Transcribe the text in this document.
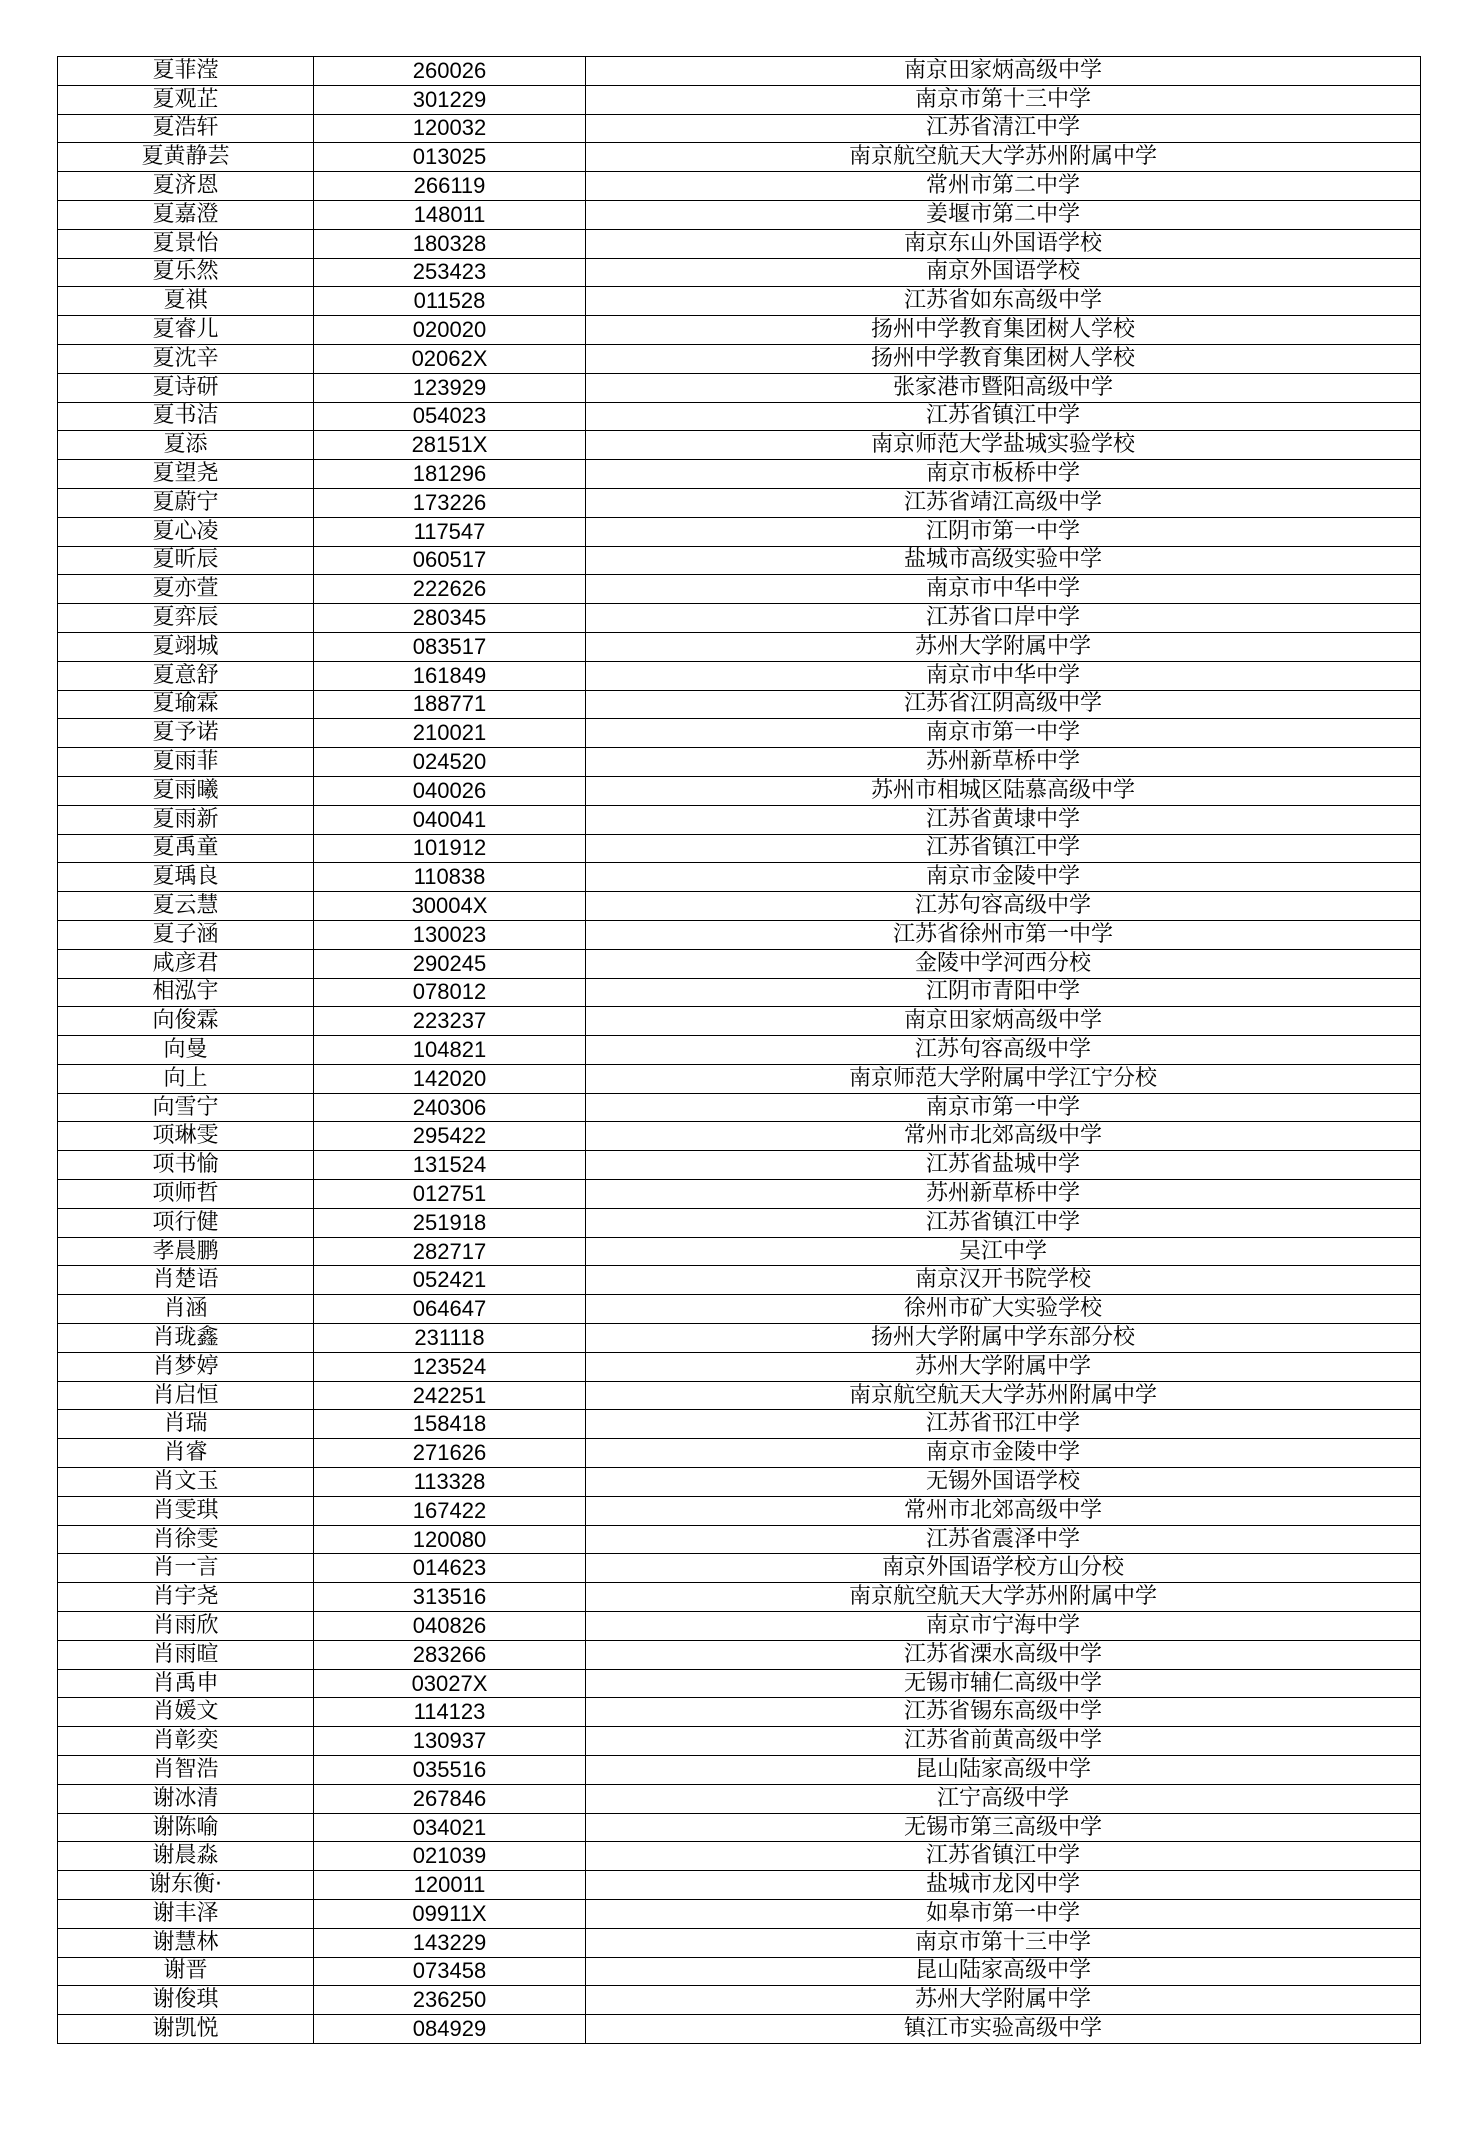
夏菲滢	260026	南京田家炳高级中学
夏观芷	301229	南京市第十三中学
夏浩轩	120032	江苏省清江中学
夏黄静芸	013025	南京航空航天大学苏州附属中学
夏济恩	266119	常州市第二中学
夏嘉澄	148011	姜堰市第二中学
夏景怡	180328	南京东山外国语学校
夏乐然	253423	南京外国语学校
夏祺	011528	江苏省如东高级中学
夏睿儿	020020	扬州中学教育集团树人学校
夏沈辛	02062X	扬州中学教育集团树人学校
夏诗研	123929	张家港市暨阳高级中学
夏书洁	054023	江苏省镇江中学
夏添	28151X	南京师范大学盐城实验学校
夏望尧	181296	南京市板桥中学
夏蔚宁	173226	江苏省靖江高级中学
夏心凌	117547	江阴市第一中学
夏昕辰	060517	盐城市高级实验中学
夏亦萱	222626	南京市中华中学
夏弈辰	280345	江苏省口岸中学
夏翊城	083517	苏州大学附属中学
夏意舒	161849	南京市中华中学
夏瑜霖	188771	江苏省江阴高级中学
夏予诺	210021	南京市第一中学
夏雨菲	024520	苏州新草桥中学
夏雨曦	040026	苏州市相城区陆慕高级中学
夏雨新	040041	江苏省黄埭中学
夏禹童	101912	江苏省镇江中学
夏瑀良	110838	南京市金陵中学
夏云慧	30004X	江苏句容高级中学
夏子涵	130023	江苏省徐州市第一中学
咸彦君	290245	金陵中学河西分校
相泓宇	078012	江阴市青阳中学
向俊霖	223237	南京田家炳高级中学
向曼	104821	江苏句容高级中学
向上	142020	南京师范大学附属中学江宁分校
向雪宁	240306	南京市第一中学
项琳雯	295422	常州市北郊高级中学
项书愉	131524	江苏省盐城中学
项师哲	012751	苏州新草桥中学
项行健	251918	江苏省镇江中学
孝晨鹏	282717	吴江中学
肖楚语	052421	南京汉开书院学校
肖涵	064647	徐州市矿大实验学校
肖珑鑫	231118	扬州大学附属中学东部分校
肖梦婷	123524	苏州大学附属中学
肖启恒	242251	南京航空航天大学苏州附属中学
肖瑞	158418	江苏省邗江中学
肖睿	271626	南京市金陵中学
肖文玉	113328	无锡外国语学校
肖雯琪	167422	常州市北郊高级中学
肖徐雯	120080	江苏省震泽中学
肖一言	014623	南京外国语学校方山分校
肖宇尧	313516	南京航空航天大学苏州附属中学
肖雨欣	040826	南京市宁海中学
肖雨暄	283266	江苏省溧水高级中学
肖禹申	03027X	无锡市辅仁高级中学
肖媛文	114123	江苏省锡东高级中学
肖彰奕	130937	江苏省前黄高级中学
肖智浩	035516	昆山陆家高级中学
谢冰清	267846	江宁高级中学
谢陈喻	034021	无锡市第三高级中学
谢晨淼	021039	江苏省镇江中学
谢东衡·	120011	盐城市龙冈中学
谢丰泽	09911X	如皋市第一中学
谢慧林	143229	南京市第十三中学
谢晋	073458	昆山陆家高级中学
谢俊琪	236250	苏州大学附属中学
谢凯悦	084929	镇江市实验高级中学
